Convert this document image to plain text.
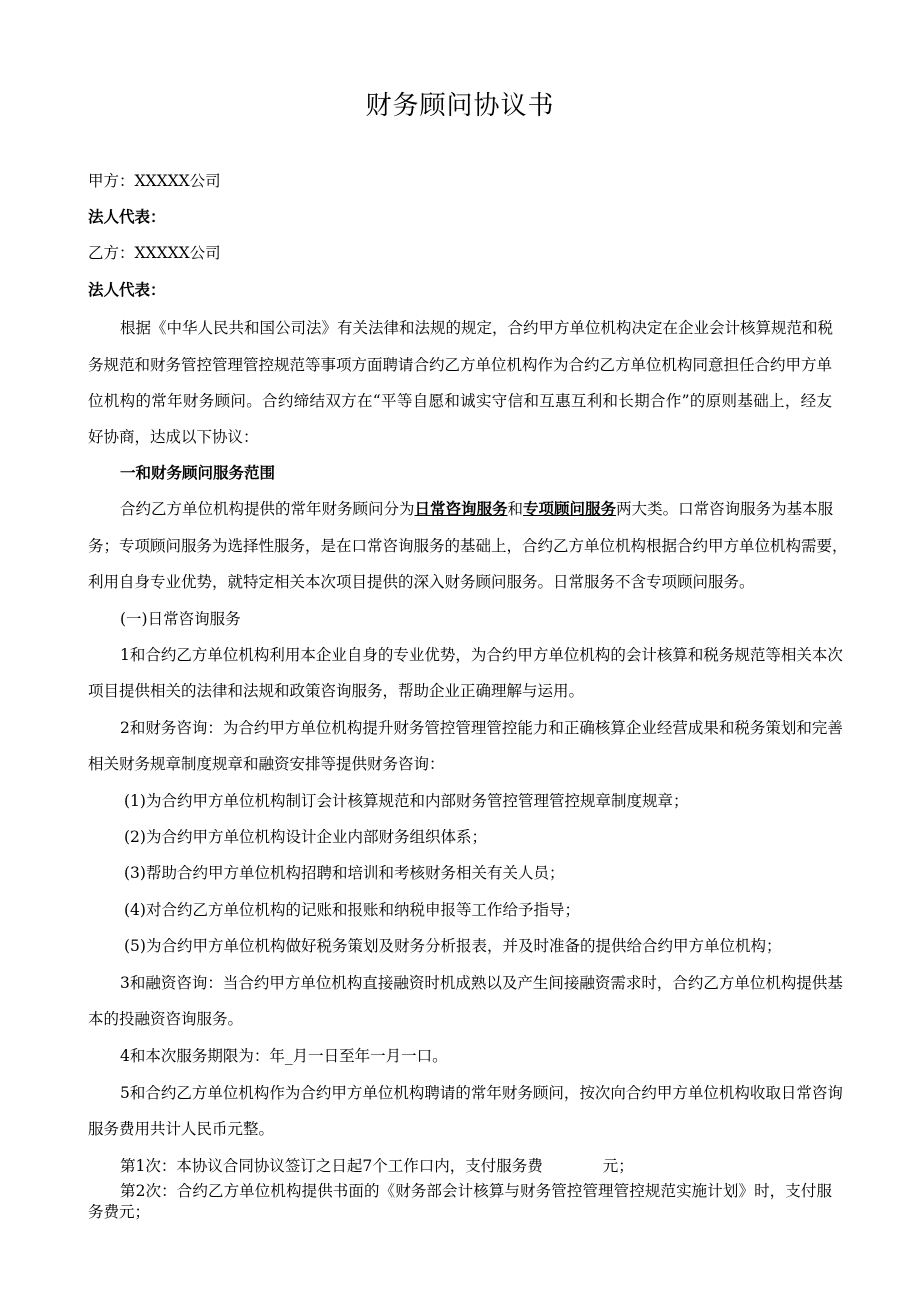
财务顾问协议书
甲方：XXXXX公司
法人代表：
乙方：XXXXX公司
法人代表：
根据《中华人民共和国公司法》有关法律和法规的规定，合约甲方单位机构决定在企业会计核算规范和税
务规范和财务管控管理管控规范等事项方面聘请合约乙方单位机构作为合约乙方单位机构同意担任合约甲方单
位机构的常年财务顾问。合约缔结双方在“平等自愿和诚实守信和互惠互利和长期合作”的原则基础上，经友
好协商，达成以下协议：
一和财务顾问服务范围
合约乙方单位机构提供的常年财务顾问分为日常咨询服务和专项顾问服务两大类。口常咨询服务为基本服
务；专项顾问服务为选择性服务，是在口常咨询服务的基础上，合约乙方单位机构根据合约甲方单位机构需要，
利用自身专业优势，就特定相关本次项目提供的深入财务顾问服务。日常服务不含专项顾问服务。
(一)日常咨询服务
1和合约乙方单位机构利用本企业自身的专业优势，为合约甲方单位机构的会计核算和税务规范等相关本次
项目提供相关的法律和法规和政策咨询服务，帮助企业正确理解与运用。
2和财务咨询：为合约甲方单位机构提升财务管控管理管控能力和正确核算企业经营成果和税务策划和完善
相关财务规章制度规章和融资安排等提供财务咨询：
(1)为合约甲方单位机构制订会计核算规范和内部财务管控管理管控规章制度规章；
(2)为合约甲方单位机构设计企业内部财务组织体系；
(3)帮助合约甲方单位机构招聘和培训和考核财务相关有关人员；
(4)对合约乙方单位机构的记账和报账和纳税申报等工作给予指导；
(5)为合约甲方单位机构做好税务策划及财务分析报表，并及时准备的提供给合约甲方单位机构；
3和融资咨询：当合约甲方单位机构直接融资时机成熟以及产生间接融资需求时，合约乙方单位机构提供基
本的投融资咨询服务。
4和本次服务期限为：年_月一日至年一月一口。
5和合约乙方单位机构作为合约甲方单位机构聘请的常年财务顾问，按次向合约甲方单位机构收取日常咨询
服务费用共计人民币元整。
第1次：本协议合同协议签订之日起7个工作口内，支付服务费	元；
第2次：合约乙方单位机构提供书面的《财务部会计核算与财务管控管理管控规范实施计划》时，支付服
务费元；
